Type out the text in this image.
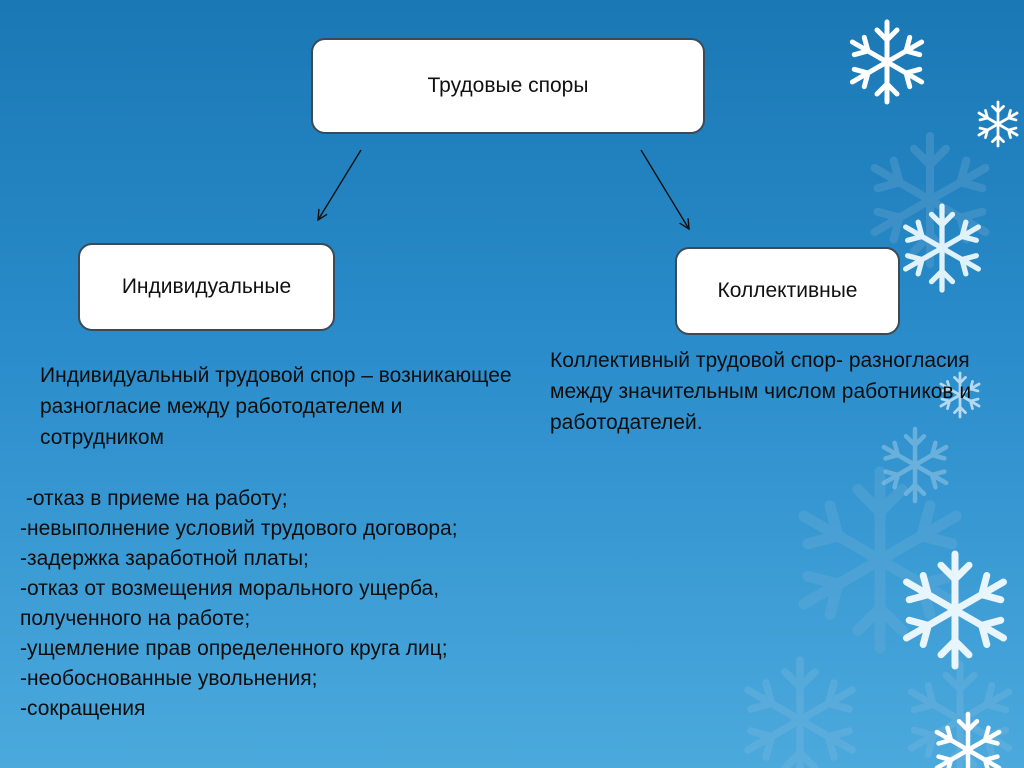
Трудовые споры
Индивидуальные	Коллективные
Индивидуальный трудовой спор – возникающее разногласие между работодателем и сотрудником
Коллективный трудовой спор- разногласия между значительным числом работников и работодателей.
-отказ в приеме на работу;
-невыполнение условий трудового договора;
-задержка заработной платы;
-отказ от возмещения морального ущерба,
полученного на работе;
-ущемление прав определенного круга лиц;
-необоснованные увольнения;
-сокращения
